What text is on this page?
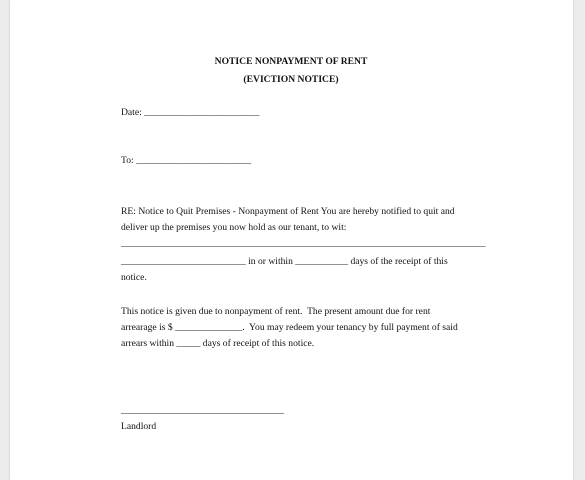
NOTICE NONPAYMENT OF RENT

(EVICTION NOTICE)

Date: ________________________

To: ________________________

RE: Notice to Quit Premises - Nonpayment of Rent You are hereby notified to quit and

deliver up the premises you now hold as our tenant, to wit:

____________________________________________________________________________

__________________________ in or within ___________ days of the receipt of this

notice.

This notice is given due to nonpayment of rent.  The present amount due for rent

arrearage is $ ______________.  You may redeem your tenancy by full payment of said

arrears within _____ days of receipt of this notice.

__________________________________

Landlord
